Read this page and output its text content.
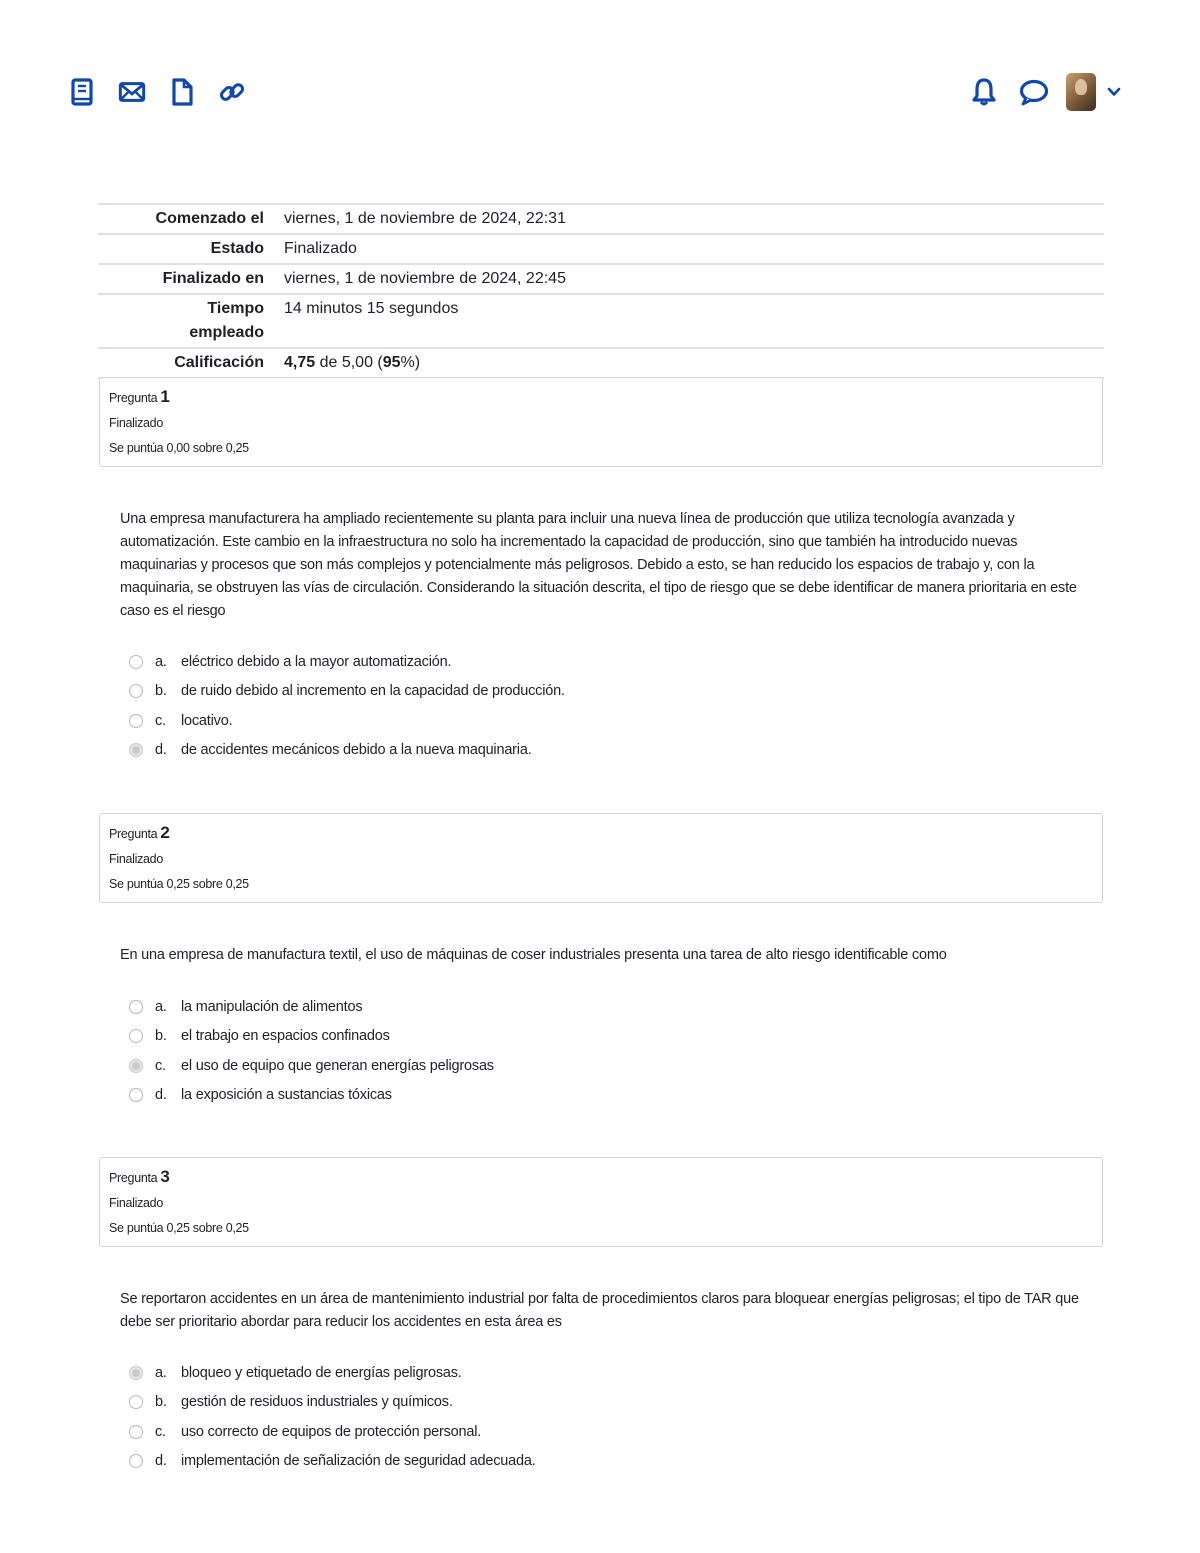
Comenzado el	viernes, 1 de noviembre de 2024, 22:31
Estado	Finalizado
Finalizado en	viernes, 1 de noviembre de 2024, 22:45
Tiempo empleado	14 minutos 15 segundos
Calificación	4,75 de 5,00 (95%)
Pregunta 1
Finalizado
Se puntúa 0,00 sobre 0,25
Una empresa manufacturera ha ampliado recientemente su planta para incluir una nueva línea de producción que utiliza tecnología avanzada y automatización. Este cambio en la infraestructura no solo ha incrementado la capacidad de producción, sino que también ha introducido nuevas maquinarias y procesos que son más complejos y potencialmente más peligrosos. Debido a esto, se han reducido los espacios de trabajo y, con la maquinaria, se obstruyen las vías de circulación. Considerando la situación descrita, el tipo de riesgo que se debe identificar de manera prioritaria en este caso es el riesgo
a. eléctrico debido a la mayor automatización.
b. de ruido debido al incremento en la capacidad de producción.
c.	locativo.
d. de accidentes mecánicos debido a la nueva maquinaria.
Pregunta 2
Finalizado
Se puntúa 0,25 sobre 0,25
En una empresa de manufactura textil, el uso de máquinas de coser industriales presenta una tarea de alto riesgo identificable como
a. la manipulación de alimentos
b. el trabajo en espacios confinados
c.	el uso de equipo que generan energías peligrosas
d. la exposición a sustancias tóxicas
Pregunta 3
Finalizado
Se puntúa 0,25 sobre 0,25
Se reportaron accidentes en un área de mantenimiento industrial por falta de procedimientos claros para bloquear energías peligrosas; el tipo de TAR que debe ser prioritario abordar para reducir los accidentes en esta área es
a. bloqueo y etiquetado de energías peligrosas.
b. gestión de residuos industriales y químicos.
c.	uso correcto de equipos de protección personal.
d. implementación de señalización de seguridad adecuada.
